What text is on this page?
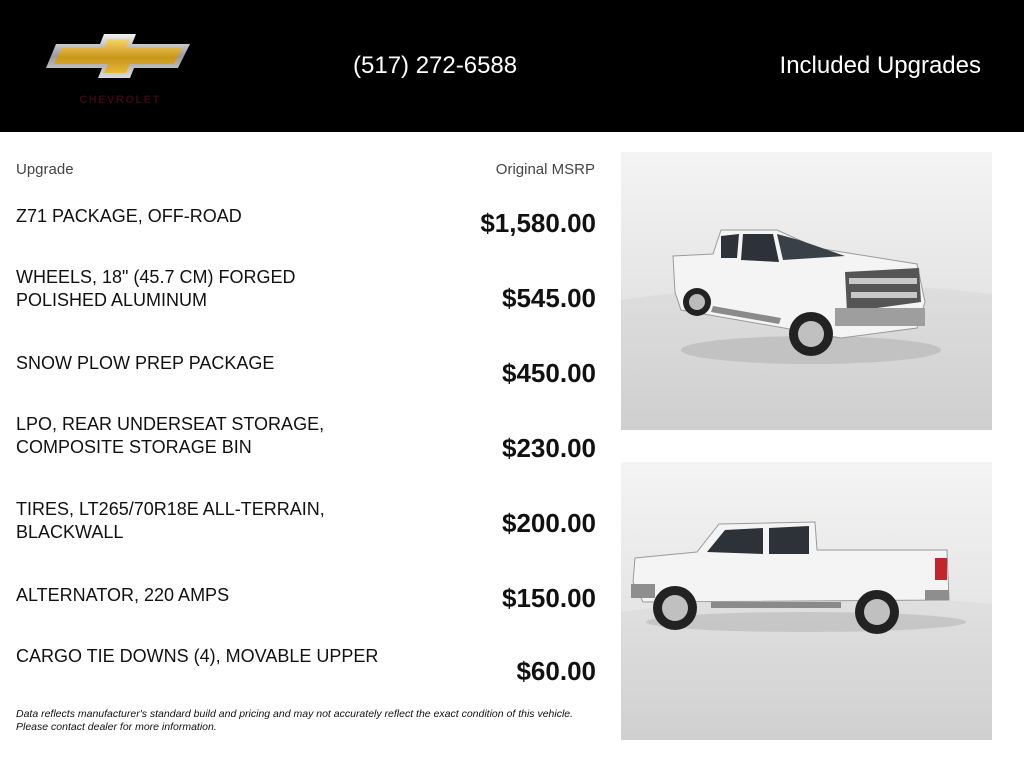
CHEVROLET
(517) 272-6588	Included Upgrades
Upgrade	Original MSRP
Z71 PACKAGE, OFF-ROAD	$1,580.00
WHEELS, 18" (45.7 CM) FORGED POLISHED ALUMINUM	$545.00
SNOW PLOW PREP PACKAGE	$450.00
LPO, REAR UNDERSEAT STORAGE, COMPOSITE STORAGE BIN	$230.00
TIRES, LT265/70R18E ALL-TERRAIN, BLACKWALL	$200.00
ALTERNATOR, 220 AMPS	$150.00
CARGO TIE DOWNS (4), MOVABLE UPPER	$60.00
Data reflects manufacturer's standard build and pricing and may not accurately reflect the exact condition of this vehicle. Please contact dealer for more information.
